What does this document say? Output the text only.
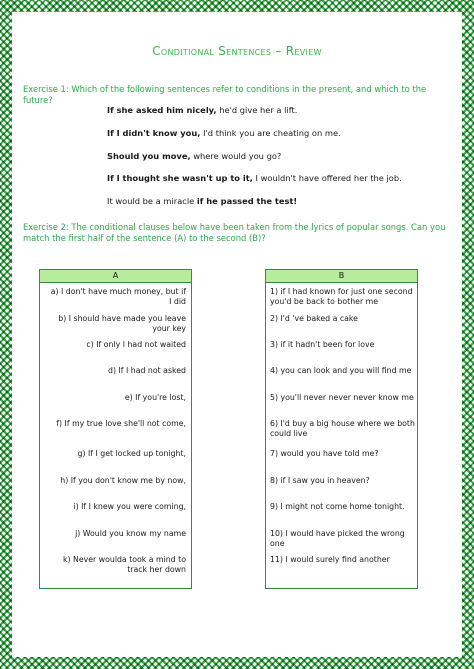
Conditional Sentences – Review
Exercise 1: Which of the following sentences refer to conditions in the present, and which to the future?
If she asked him nicely, he'd give her a lift.
If I didn't know you, I'd think you are cheating on me.
Should you move, where would you go?
If I thought she wasn't up to it, I wouldn't have offered her the job.
It would be a miracle if he passed the test!
Exercise 2: The conditional clauses below have been taken from the lyrics of popular songs. Can you match the first half of the sentence (A) to the second (B)?
A
a) I don't have much money, but if I did
b) I should have made you leave your key
c) If only I had not waited
d) If I had not asked
e) If you're lost,
f) If my true love she'll not come,
g) If I get locked up tonight,
h) If you don't know me by now,
i) If I knew you were coming,
j) Would you know my name
k) Never woulda took a mind to track her down
B
1) if I had known for just one second you'd be back to bother me
2) I'd 've baked a cake
3) if it hadn't been for love
4) you can look and you will find me
5) you'll never never never know me
6) I'd buy a big house where we both could live
7) would you have told me?
8) if I saw you in heaven?
9) I might not come home tonight.
10) I would have picked the wrong one
11) I would surely find another
